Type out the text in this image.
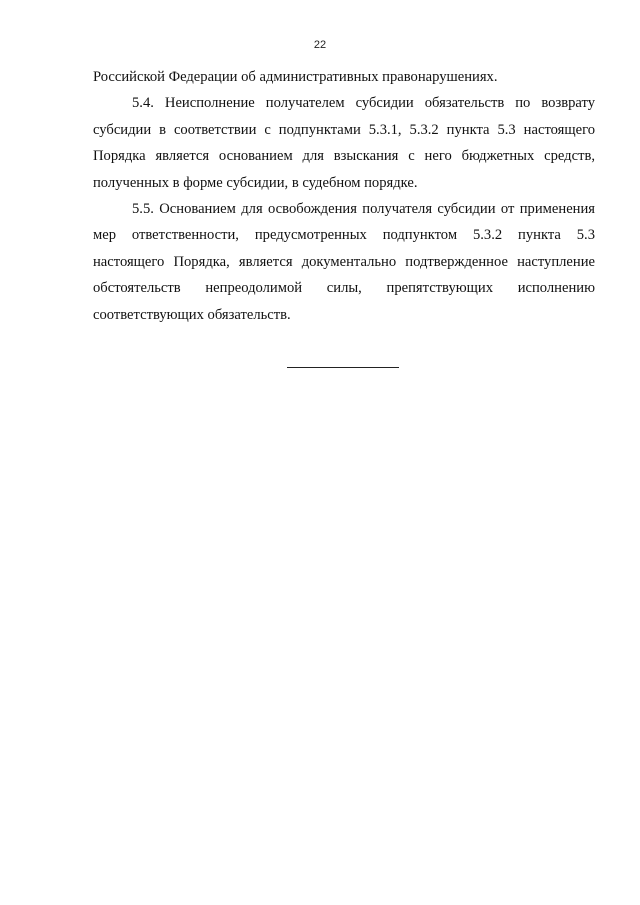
22

Российской Федерации об административных правонарушениях.

5.4. Неисполнение получателем субсидии обязательств по возврату субсидии в соответствии с подпунктами 5.3.1, 5.3.2 пункта 5.3 настоящего Порядка является основанием для взыскания с него бюджетных средств, полученных в форме субсидии, в судебном порядке.

5.5. Основанием для освобождения получателя субсидии от применения мер ответственности, предусмотренных подпунктом 5.3.2 пункта 5.3 настоящего Порядка, является документально подтвержденное наступление обстоятельств непреодолимой силы, препятствующих исполнению соответствующих обязательств.
